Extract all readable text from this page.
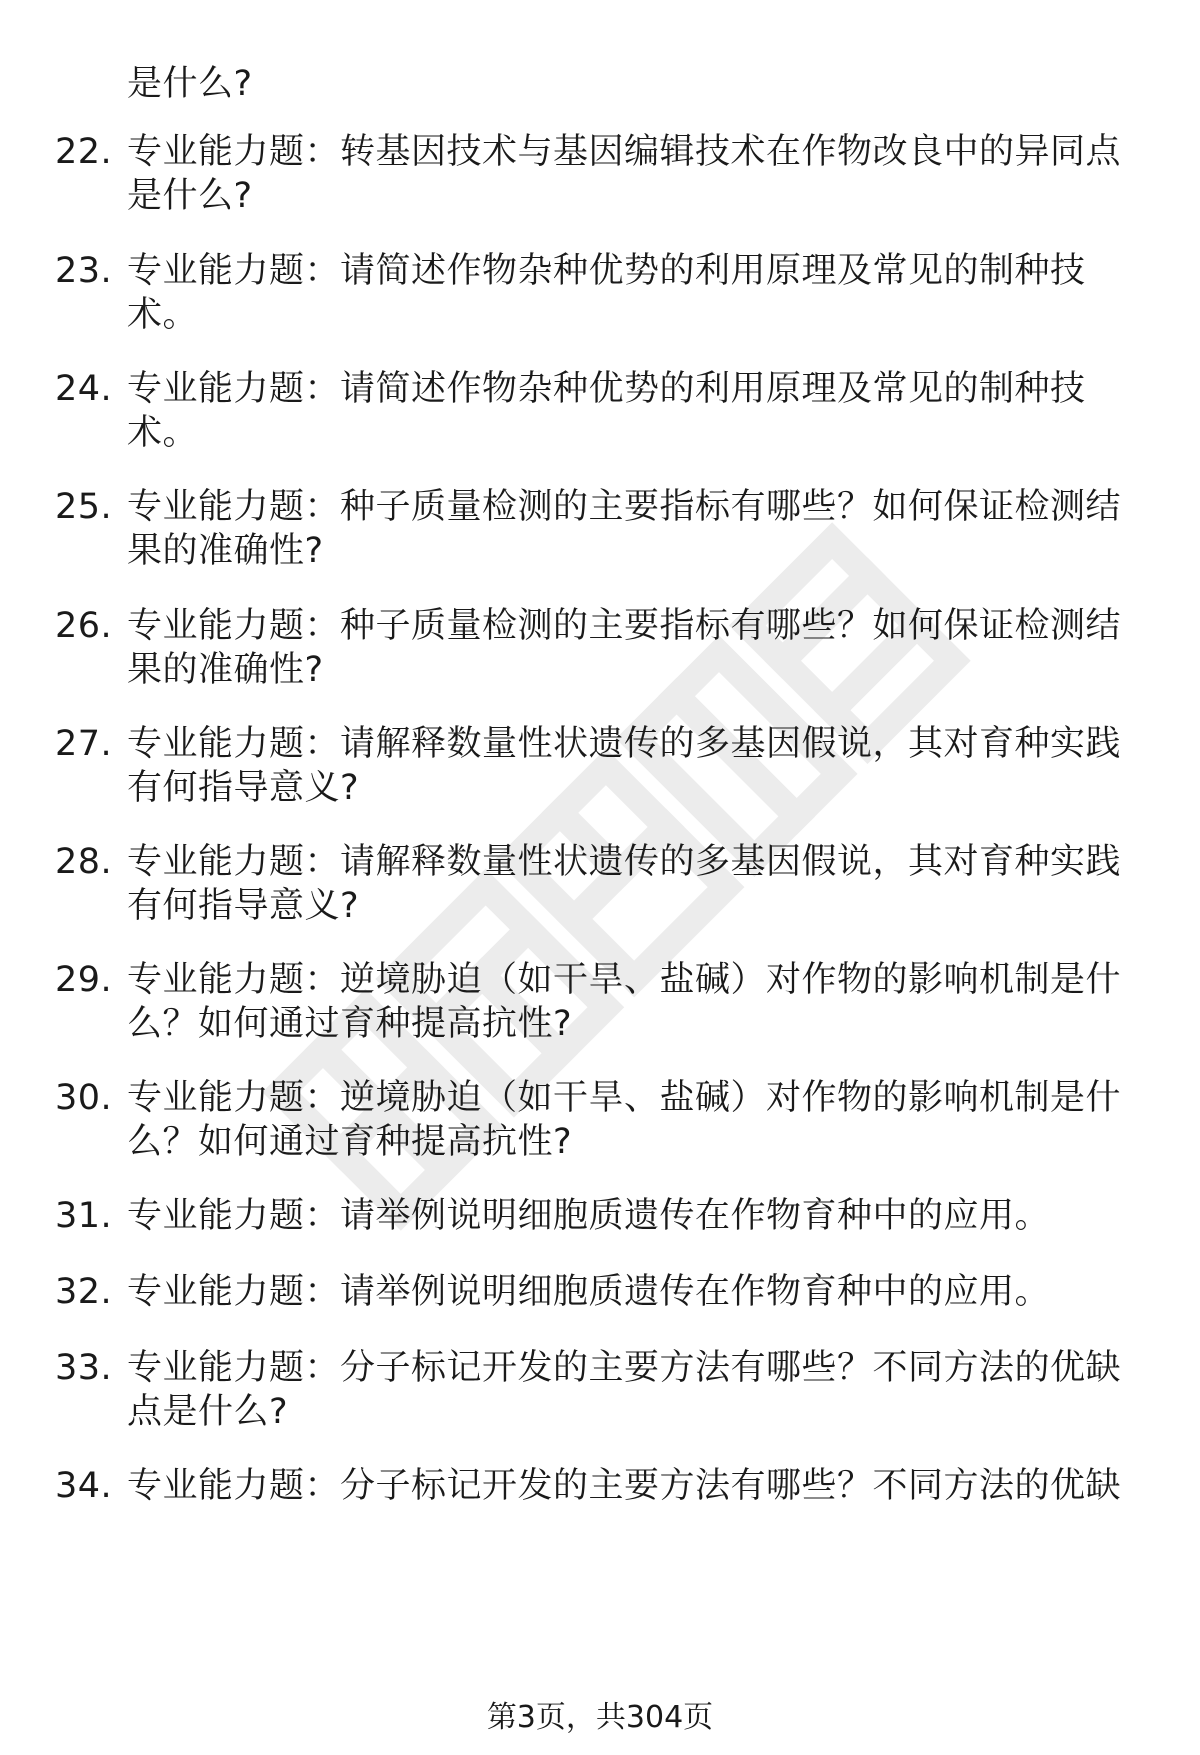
是什么?
22. 专业能力题：转基因技术与基因编辑技术在作物改良中的异同点
是什么?
23. 专业能力题：请简述作物杂种优势的利用原理及常见的制种技
术。
24. 专业能力题：请简述作物杂种优势的利用原理及常见的制种技
术。
25. 专业能力题：种子质量检测的主要指标有哪些？如何保证检测结
果的准确性?
26. 专业能力题：种子质量检测的主要指标有哪些？如何保证检测结
果的准确性?
27. 专业能力题：请解释数量性状遗传的多基因假说，其对育种实践
有何指导意义?
28. 专业能力题：请解释数量性状遗传的多基因假说，其对育种实践
有何指导意义?
29. 专业能力题：逆境胁迫（如干旱、盐碱）对作物的影响机制是什
么？如何通过育种提高抗性?
30. 专业能力题：逆境胁迫（如干旱、盐碱）对作物的影响机制是什
么？如何通过育种提高抗性?
31. 专业能力题：请举例说明细胞质遗传在作物育种中的应用。
32. 专业能力题：请举例说明细胞质遗传在作物育种中的应用。
33. 专业能力题：分子标记开发的主要方法有哪些？不同方法的优缺
点是什么?
34. 专业能力题：分子标记开发的主要方法有哪些？不同方法的优缺
第3页，共304页
